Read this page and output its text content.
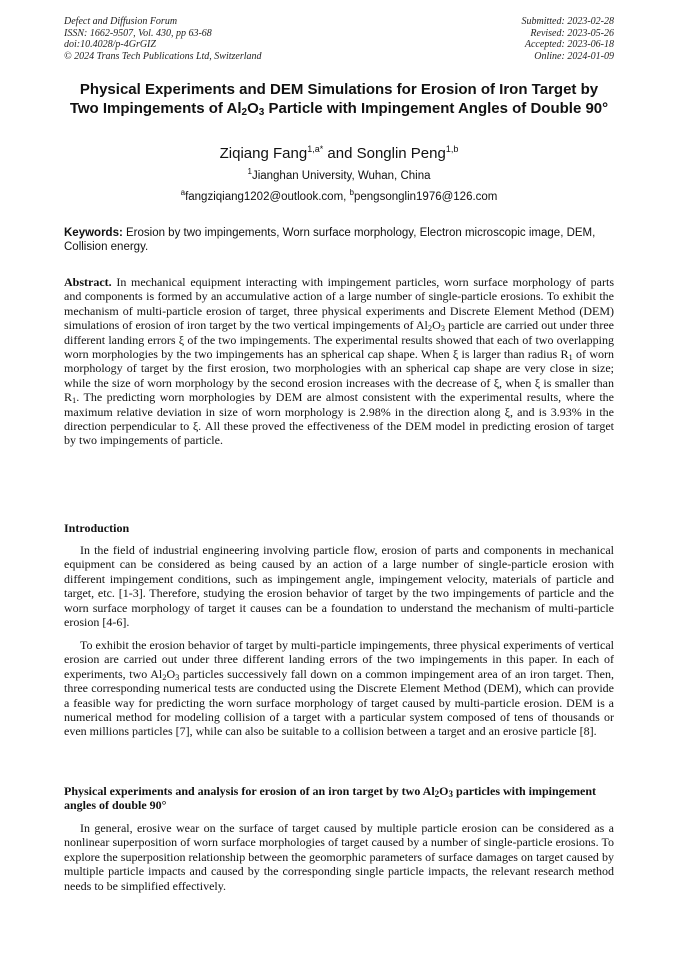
Defect and Diffusion Forum
ISSN: 1662-9507, Vol. 430, pp 63-68
doi:10.4028/p-4GrGIZ
© 2024 Trans Tech Publications Ltd, Switzerland
Submitted: 2023-02-28
Revised: 2023-05-26
Accepted: 2023-06-18
Online: 2024-01-09
Physical Experiments and DEM Simulations for Erosion of Iron Target by Two Impingements of $Al_2O_3$ Particle with Impingement Angles of Double 90°
Ziqiang Fang$^{1,a*}$ and Songlin Peng$^{1,b}$
$^1$Jianghan University, Wuhan, China
$^a$fangziqiang1202@outlook.com, $^b$pengsonglin1976@126.com
Keywords: Erosion by two impingements, Worn surface morphology, Electron microscopic image, DEM, Collision energy.
Abstract. In mechanical equipment interacting with impingement particles, worn surface morphology of parts and components is formed by an accumulative action of a large number of single-particle erosions. To exhibit the mechanism of multi-particle erosion of target, three physical experiments and Discrete Element Method (DEM) simulations of erosion of iron target by the two vertical impingements of $Al_2O_3$ particle are carried out under three different landing errors ξ of the two impingements. The experimental results showed that each of two overlapping worn morphologies by the two impingements has an spherical cap shape. When ξ is larger than radius $R_1$ of worn morphology of target by the first erosion, two morphologies with an spherical cap shape are very close in size; while the size of worn morphology by the second erosion increases with the decrease of ξ, when ξ is smaller than $R_1$. The predicting worn morphologies by DEM are almost consistent with the experimental results, where the maximum relative deviation in size of worn morphology is 2.98% in the direction along ξ, and is 3.93% in the direction perpendicular to ξ. All these proved the effectiveness of the DEM model in predicting erosion of target by two impingements of particle.
Introduction
In the field of industrial engineering involving particle flow, erosion of parts and components in mechanical equipment can be considered as being caused by an action of a large number of single-particle erosion with different impingement conditions, such as impingement angle, impingement velocity, materials of particle and target, etc. [1-3]. Therefore, studying the erosion behavior of target by the two impingements of particle and the worn surface morphology of target it causes can be a foundation to understand the mechanism of multi-particle erosion [4-6].
To exhibit the erosion behavior of target by multi-particle impingements, three physical experiments of vertical erosion are carried out under three different landing errors of the two impingements in this paper. In each of experiments, two $Al_2O_3$ particles successively fall down on a common impingement area of an iron target. Then, three corresponding numerical tests are conducted using the Discrete Element Method (DEM), which can provide a feasible way for predicting the worn surface morphology of target caused by multi-particle erosion. DEM is a numerical method for modeling collision of a target with a particular system composed of tens of thousands or even millions particles [7], while can also be suitable to a collision between a target and an erosive particle [8].
Physical experiments and analysis for erosion of an iron target by two $Al_2O_3$ particles with impingement angles of double 90°
In general, erosive wear on the surface of target caused by multiple particle erosion can be considered as a nonlinear superposition of worn surface morphologies of target caused by a number of single-particle erosions. To explore the superposition relationship between the geomorphic parameters of surface damages on target caused by multiple particle impacts and caused by the corresponding single particle impacts, the relevant research method needs to be simplified effectively.
